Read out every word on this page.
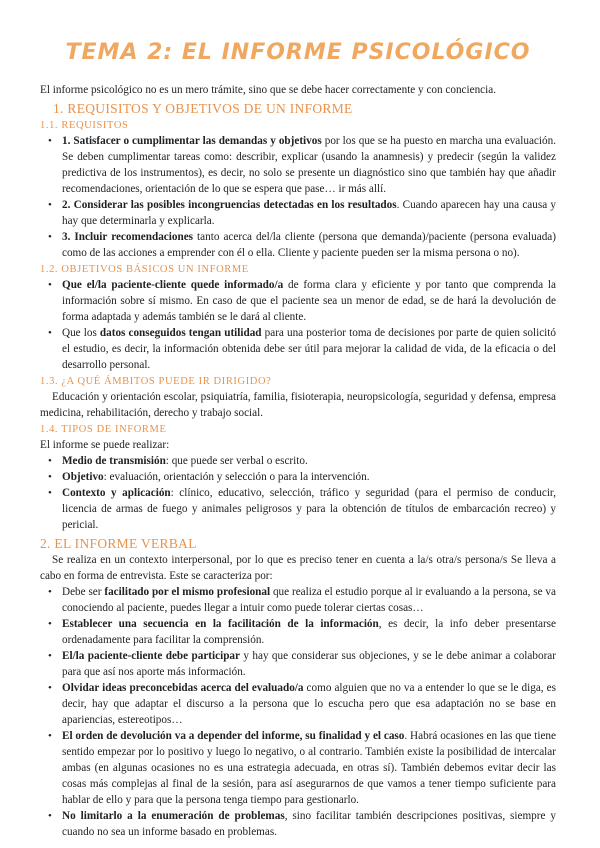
TEMA 2: EL INFORME PSICOLÓGICO

El informe psicológico no es un mero trámite, sino que se debe hacer correctamente y con conciencia.

1. REQUISITOS Y OBJETIVOS DE UN INFORME
1.1. REQUISITOS
• 1. Satisfacer o cumplimentar las demandas y objetivos por los que se ha puesto en marcha una evaluación. Se deben cumplimentar tareas como: describir, explicar (usando la anamnesis) y predecir (según la validez predictiva de los instrumentos), es decir, no solo se presente un diagnóstico sino que también hay que añadir recomendaciones, orientación de lo que se espera que pase… ir más allí.
• 2. Considerar las posibles incongruencias detectadas en los resultados. Cuando aparecen hay una causa y hay que determinarla y explicarla.
• 3. Incluir recomendaciones tanto acerca del/la cliente (persona que demanda)/paciente (persona evaluada) como de las acciones a emprender con él o ella. Cliente y paciente pueden ser la misma persona o no).
1.2. OBJETIVOS BÁSICOS UN INFORME
• Que el/la paciente-cliente quede informado/a de forma clara y eficiente y por tanto que comprenda la información sobre sí mismo. En caso de que el paciente sea un menor de edad, se de hará la devolución de forma adaptada y además también se le dará al cliente.
• Que los datos conseguidos tengan utilidad para una posterior toma de decisiones por parte de quien solicitó el estudio, es decir, la información obtenida debe ser útil para mejorar la calidad de vida, de la eficacia o del desarrollo personal.
1.3. ¿A QUÉ ÁMBITOS PUEDE IR DIRIGIDO?

Educación y orientación escolar, psiquiatría, familia, fisioterapia, neuropsicología, seguridad y defensa, empresa medicina, rehabilitación, derecho y trabajo social.

1.4. TIPOS DE INFORME

El informe se puede realizar:

• Medio de transmisión: que puede ser verbal o escrito.
• Objetivo: evaluación, orientación y selección o para la intervención.
• Contexto y aplicación: clínico, educativo, selección, tráfico y seguridad (para el permiso de conducir, licencia de armas de fuego y animales peligrosos y para la obtención de títulos de embarcación recreo) y pericial.
2. EL INFORME VERBAL

Se realiza en un contexto interpersonal, por lo que es preciso tener en cuenta a la/s otra/s persona/s Se lleva a cabo en forma de entrevista. Este se caracteriza por:

• Debe ser facilitado por el mismo profesional que realiza el estudio porque al ir evaluando a la persona, se va conociendo al paciente, puedes llegar a intuir como puede tolerar ciertas cosas…
• Establecer una secuencia en la facilitación de la información, es decir, la info deber presentarse ordenadamente para facilitar la comprensión.
• El/la paciente-cliente debe participar y hay que considerar sus objeciones, y se le debe animar a colaborar para que así nos aporte más información.
• Olvidar ideas preconcebidas acerca del evaluado/a como alguien que no va a entender lo que se le diga, es decir, hay que adaptar el discurso a la persona que lo escucha pero que esa adaptación no se base en apariencias, estereotipos…
• El orden de devolución va a depender del informe, su finalidad y el caso. Habrá ocasiones en las que tiene sentido empezar por lo positivo y luego lo negativo, o al contrario. También existe la posibilidad de intercalar ambas (en algunas ocasiones no es una estrategia adecuada, en otras sí). También debemos evitar decir las cosas más complejas al final de la sesión, para así asegurarnos de que vamos a tener tiempo suficiente para hablar de ello y para que la persona tenga tiempo para gestionarlo.
• No limitarlo a la enumeración de problemas, sino facilitar también descripciones positivas, siempre y cuando no sea un informe basado en problemas.
